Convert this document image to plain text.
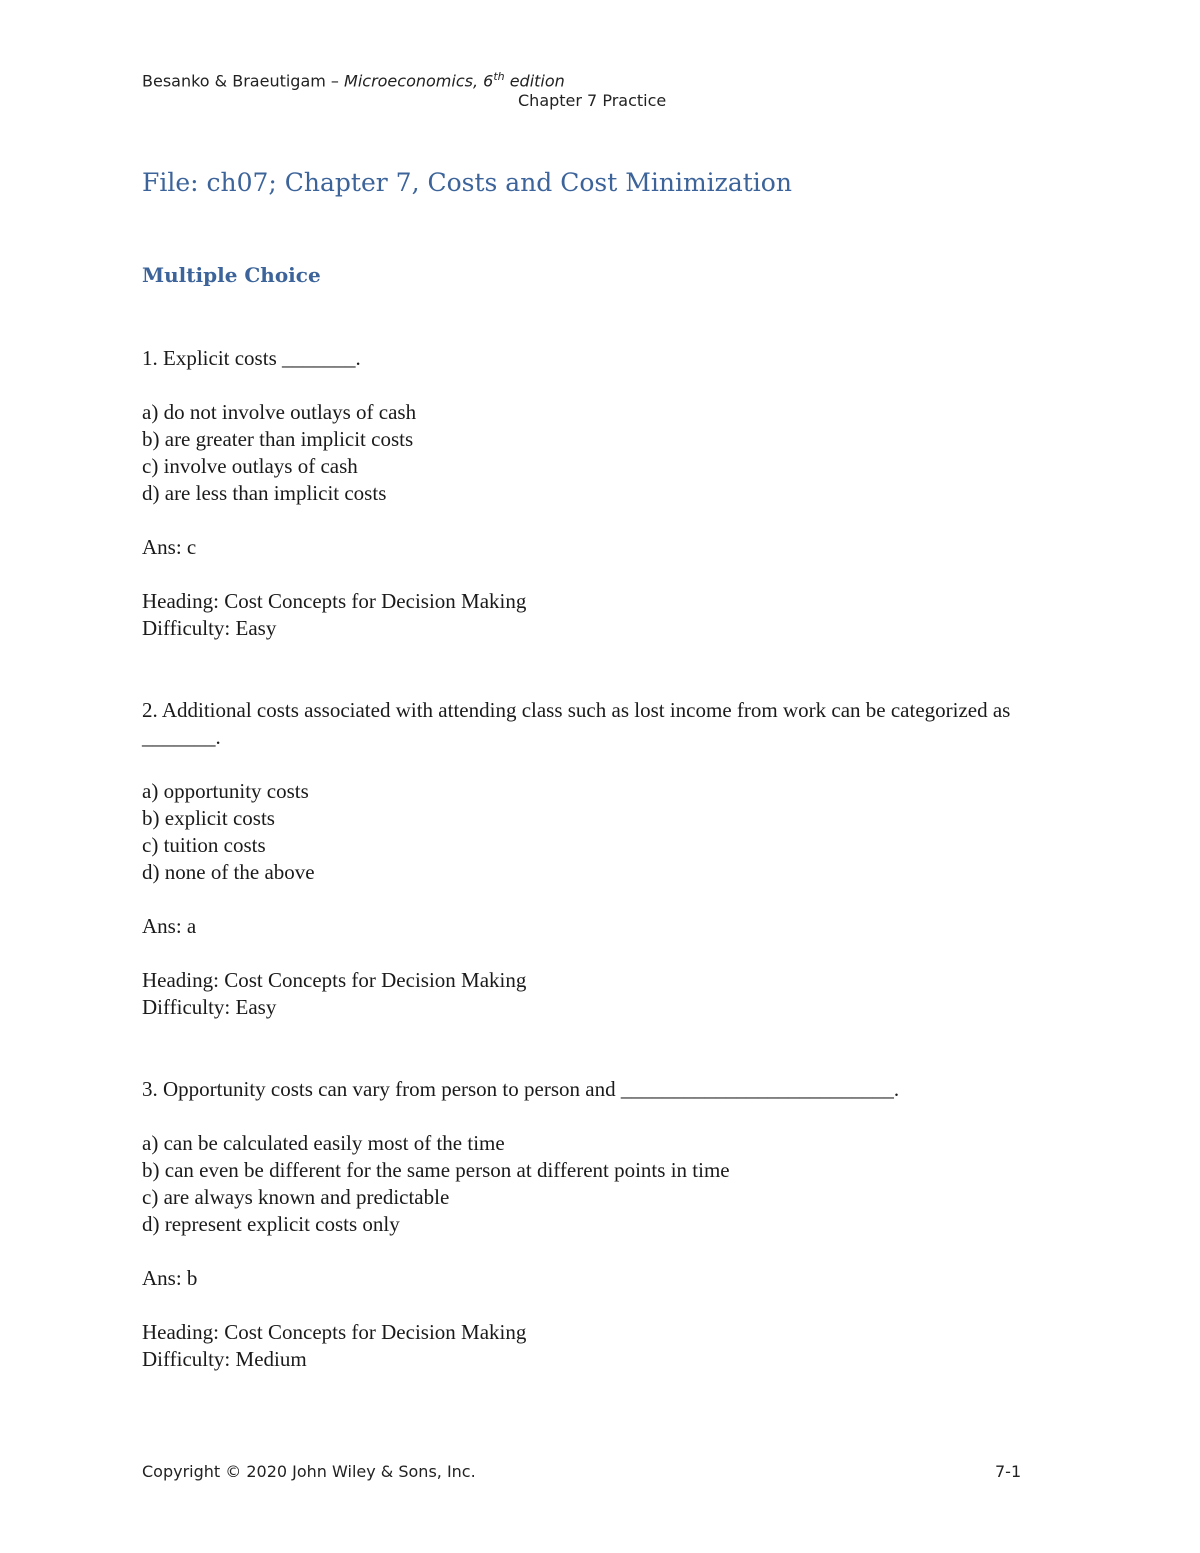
Besanko & Braeutigam – Microeconomics, 6th edition
Chapter 7 Practice
File: ch07; Chapter 7, Costs and Cost Minimization
Multiple Choice
1. Explicit costs _______.
a) do not involve outlays of cash
b) are greater than implicit costs
c) involve outlays of cash
d) are less than implicit costs
Ans: c
Heading: Cost Concepts for Decision Making
Difficulty: Easy
2. Additional costs associated with attending class such as lost income from work can be categorized as _______.
a) opportunity costs
b) explicit costs
c) tuition costs
d) none of the above
Ans: a
Heading: Cost Concepts for Decision Making
Difficulty: Easy
3. Opportunity costs can vary from person to person and __________________________.
a) can be calculated easily most of the time
b) can even be different for the same person at different points in time
c) are always known and predictable
d) represent explicit costs only
Ans: b
Heading: Cost Concepts for Decision Making
Difficulty: Medium
Copyright © 2020 John Wiley & Sons, Inc.	7-1
